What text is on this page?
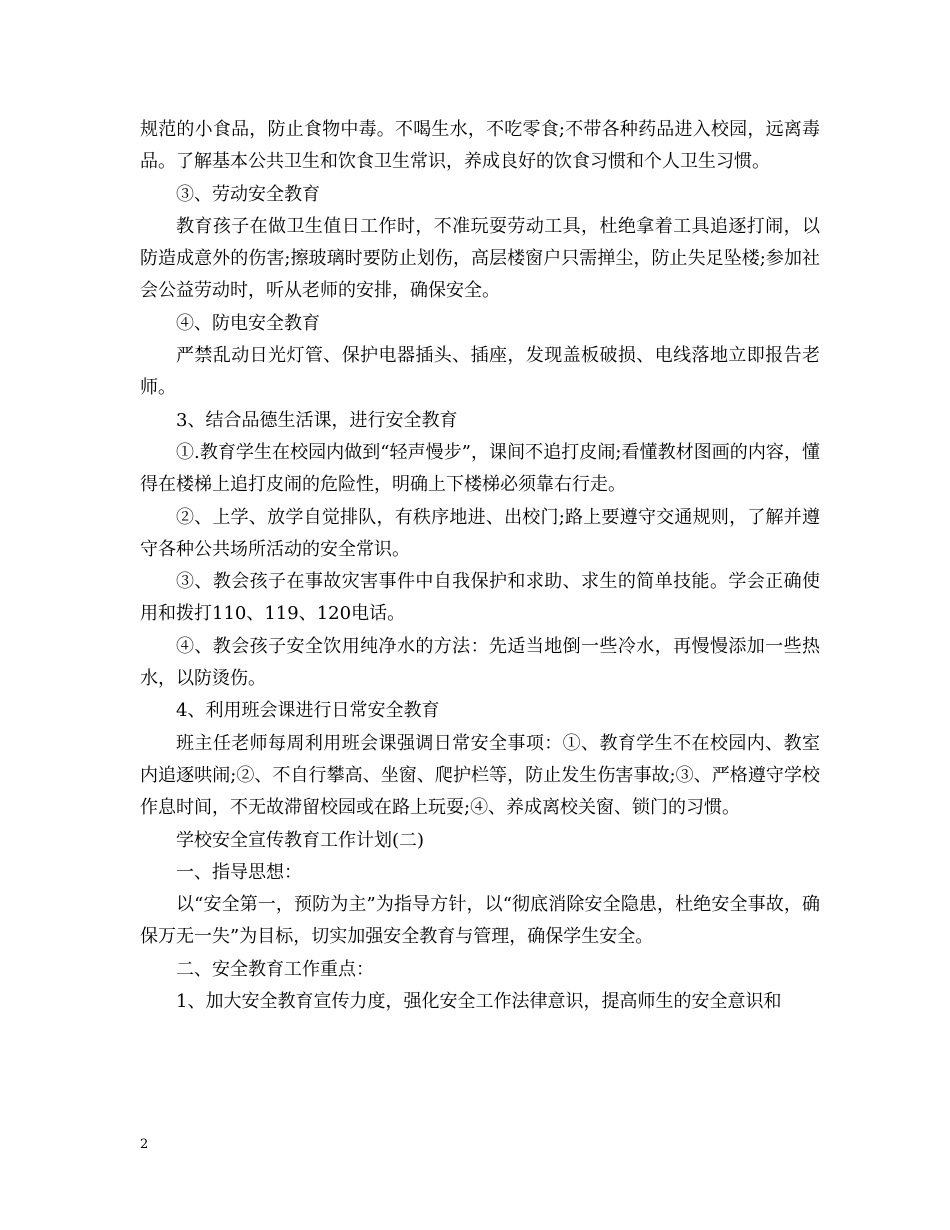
规范的小食品，防止食物中毒。不喝生水，不吃零食;不带各种药品进入校园，远离毒品。了解基本公共卫生和饮食卫生常识，养成良好的饮食习惯和个人卫生习惯。

③、劳动安全教育

教育孩子在做卫生值日工作时，不准玩耍劳动工具，杜绝拿着工具追逐打闹，以防造成意外的伤害;擦玻璃时要防止划伤，高层楼窗户只需掸尘，防止失足坠楼;参加社会公益劳动时，听从老师的安排，确保安全。

④、防电安全教育

严禁乱动日光灯管、保护电器插头、插座，发现盖板破损、电线落地立即报告老师。

3、结合品德生活课，进行安全教育

①.教育学生在校园内做到“轻声慢步”，课间不追打皮闹;看懂教材图画的内容，懂得在楼梯上追打皮闹的危险性，明确上下楼梯必须靠右行走。

②、上学、放学自觉排队，有秩序地进、出校门;路上要遵守交通规则，了解并遵守各种公共场所活动的安全常识。

③、教会孩子在事故灾害事件中自我保护和求助、求生的简单技能。学会正确使用和拨打110、119、120电话。

④、教会孩子安全饮用纯净水的方法：先适当地倒一些冷水，再慢慢添加一些热水，以防烫伤。

4、利用班会课进行日常安全教育

班主任老师每周利用班会课强调日常安全事项：①、教育学生不在校园内、教室内追逐哄闹;②、不自行攀高、坐窗、爬护栏等，防止发生伤害事故;③、严格遵守学校作息时间，不无故滞留校园或在路上玩耍;④、养成离校关窗、锁门的习惯。

学校安全宣传教育工作计划(二)

一、指导思想：

以“安全第一，预防为主”为指导方针，以“彻底消除安全隐患，杜绝安全事故，确保万无一失”为目标，切实加强安全教育与管理，确保学生安全。

二、安全教育工作重点：

1、加大安全教育宣传力度，强化安全工作法律意识，提高师生的安全意识和

2
